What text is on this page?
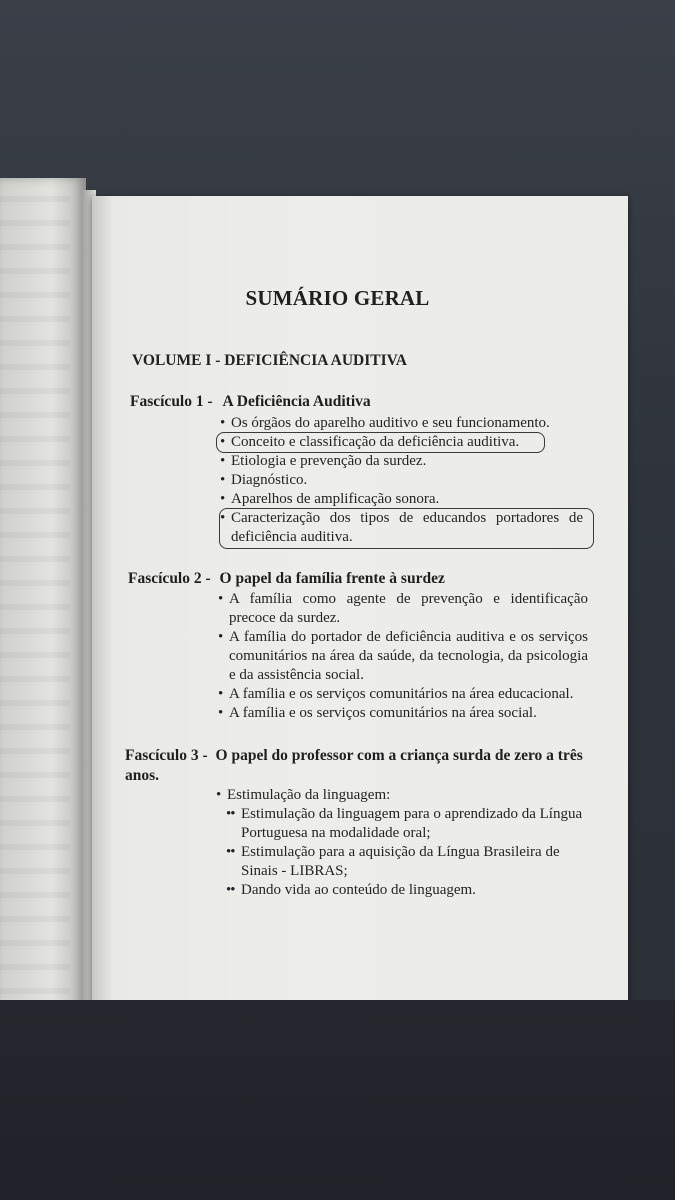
SUMÁRIO GERAL
VOLUME I - DEFICIÊNCIA AUDITIVA
Fascículo 1 - A Deficiência Auditiva
• Os órgãos do aparelho auditivo e seu funcionamento.
• Conceito e classificação da deficiência auditiva.
• Etiologia e prevenção da surdez.
• Diagnóstico.
• Aparelhos de amplificação sonora.
• Caracterização dos tipos de educandos portadores de deficiência auditiva.
Fascículo 2 - O papel da família frente à surdez
• A família como agente de prevenção e identificação precoce da surdez.
• A família do portador de deficiência auditiva e os serviços comunitários na área da saúde, da tecnologia, da psicologia e da assistência social.
• A família e os serviços comunitários na área educacional.
• A família e os serviços comunitários na área social.
Fascículo 3 - O papel do professor com a criança surda de zero a três anos.
• Estimulação da linguagem:
•• Estimulação da linguagem para o aprendizado da Língua Portuguesa na modalidade oral;
•• Estimulação para a aquisição da Língua Brasileira de Sinais - LIBRAS;
•• Dando vida ao conteúdo de linguagem.
